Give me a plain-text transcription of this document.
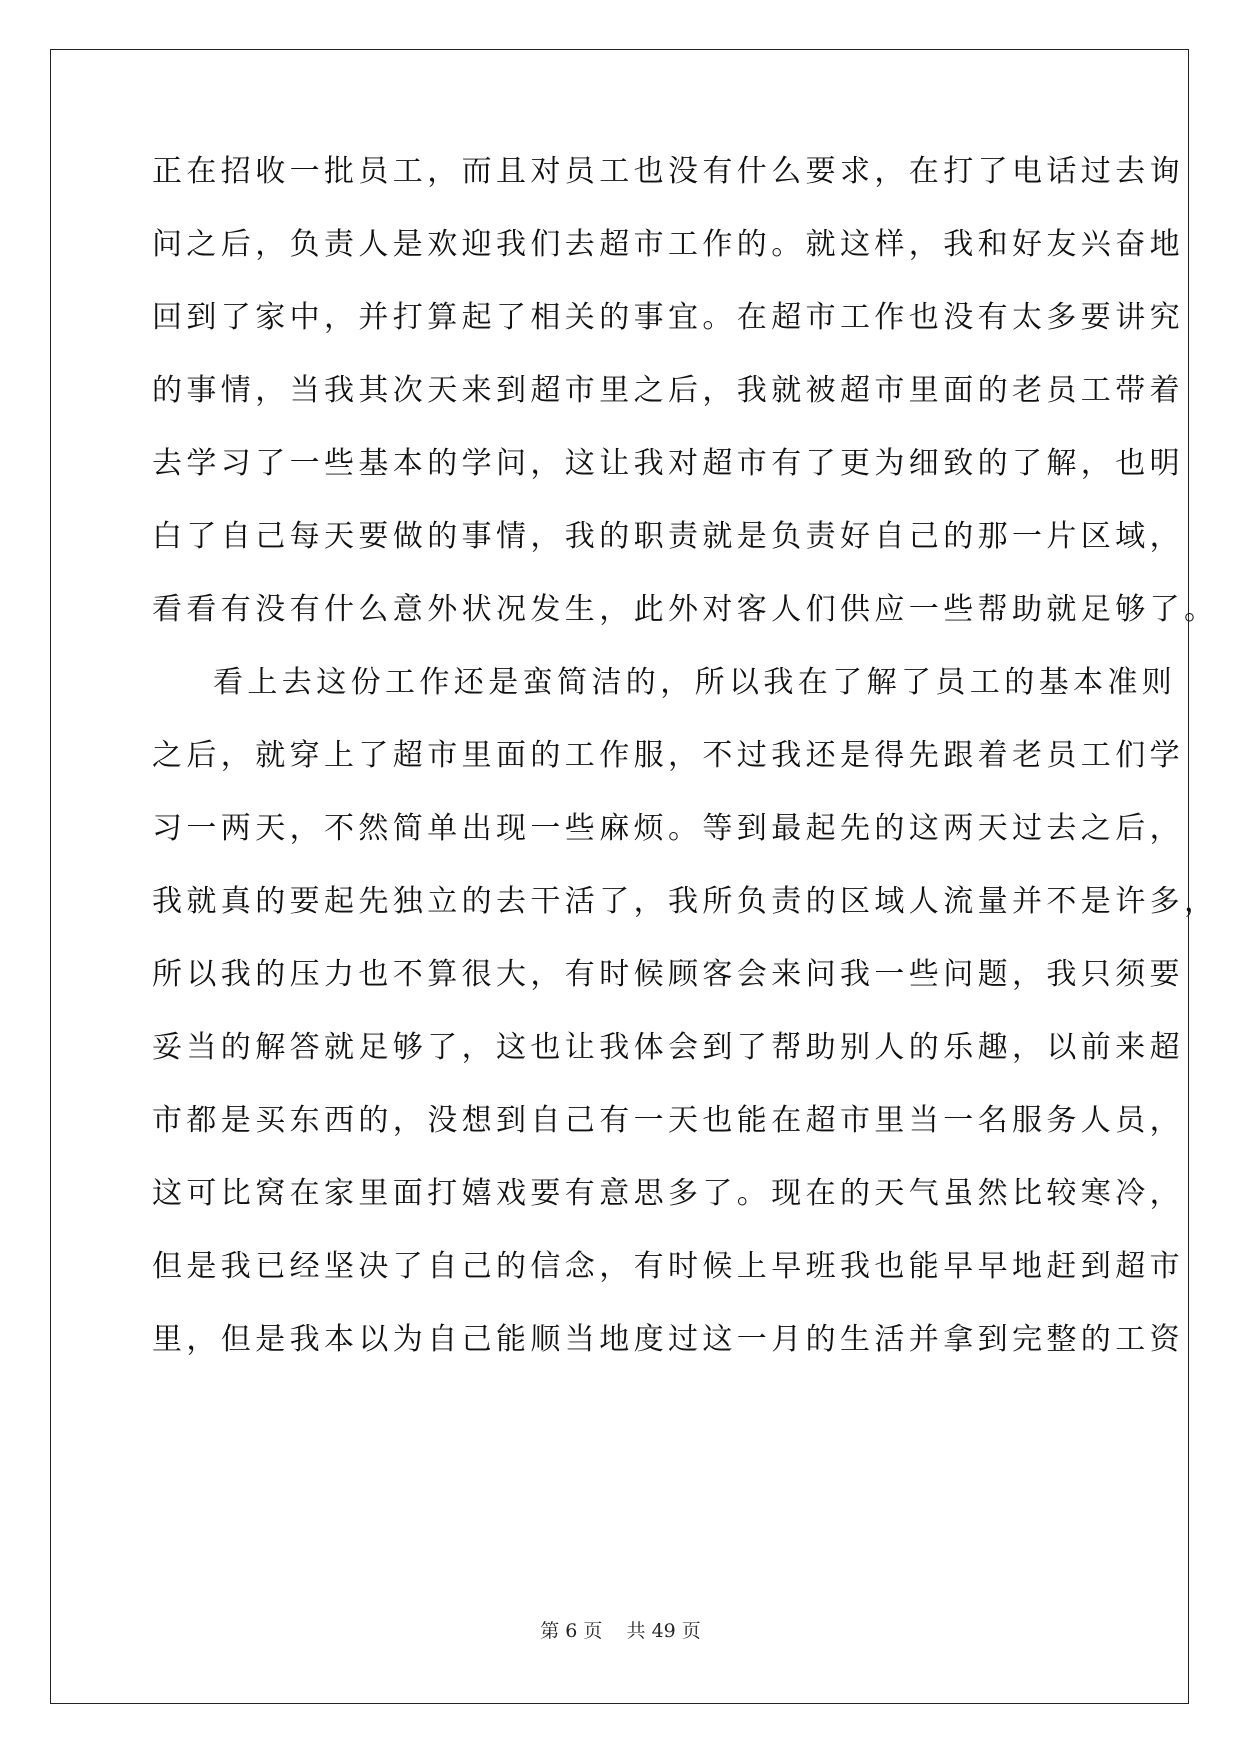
正在招收一批员工，而且对员工也没有什么要求，在打了电话过去询
问之后，负责人是欢迎我们去超市工作的。就这样，我和好友兴奋地
回到了家中，并打算起了相关的事宜。在超市工作也没有太多要讲究
的事情，当我其次天来到超市里之后，我就被超市里面的老员工带着
去学习了一些基本的学问，这让我对超市有了更为细致的了解，也明
白了自己每天要做的事情，我的职责就是负责好自己的那一片区域，
看看有没有什么意外状况发生，此外对客人们供应一些帮助就足够了。
看上去这份工作还是蛮简洁的，所以我在了解了员工的基本准则
之后，就穿上了超市里面的工作服，不过我还是得先跟着老员工们学
习一两天，不然简单出现一些麻烦。等到最起先的这两天过去之后，
我就真的要起先独立的去干活了，我所负责的区域人流量并不是许多，
所以我的压力也不算很大，有时候顾客会来问我一些问题，我只须要
妥当的解答就足够了，这也让我体会到了帮助别人的乐趣，以前来超
市都是买东西的，没想到自己有一天也能在超市里当一名服务人员，
这可比窝在家里面打嬉戏要有意思多了。现在的天气虽然比较寒冷，
但是我已经坚决了自己的信念，有时候上早班我也能早早地赶到超市
里，但是我本以为自己能顺当地度过这一月的生活并拿到完整的工资
第 6 页 共 49 页
